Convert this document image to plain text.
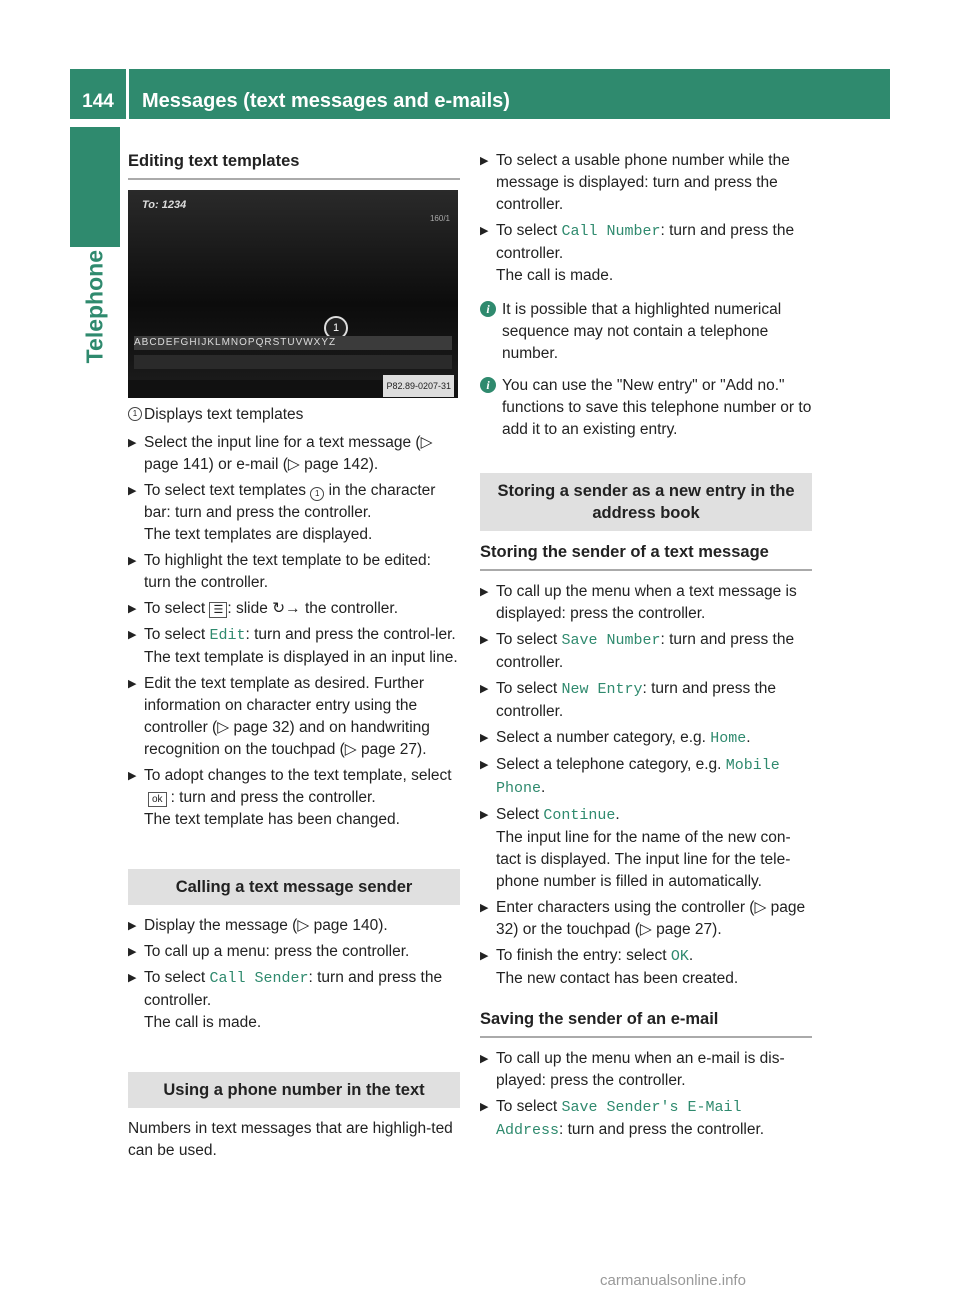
144	Messages (text messages and e-mails)
Telephone
Editing text templates
To: 1234
160/1
1
ABCDEFGHIJKLMNOPQRSTUVWXYZ
P82.89-0207-31
1 Displays text templates
▶ Select the input line for a text message (▷ page 141) or e-mail (▷ page 142).
▶ To select text templates 1 in the character bar: turn and press the controller.
The text templates are displayed.
▶ To highlight the text template to be edited: turn the controller.
▶ To select ☰ : slide ↻→ the controller.
▶ To select Edit: turn and press the control-ler.
The text template is displayed in an input line.
▶ Edit the text template as desired. Further information on character entry using the controller (▷ page 32) and on handwriting recognition on the touchpad (▷ page 27).
▶ To adopt changes to the text template, select ok : turn and press the controller.
The text template has been changed.
Calling a text message sender
▶ Display the message (▷ page 140).
▶ To call up a menu: press the controller.
▶ To select Call Sender: turn and press the controller.
The call is made.
Using a phone number in the text
Numbers in text messages that are highligh-ted can be used.
▶ To select a usable phone number while the message is displayed: turn and press the controller.
▶ To select Call Number: turn and press the controller.
The call is made.
i It is possible that a highlighted numerical sequence may not contain a telephone number.
i You can use the "New entry" or "Add no." functions to save this telephone number or to add it to an existing entry.
Storing a sender as a new entry in the address book
Storing the sender of a text message
▶ To call up the menu when a text message is displayed: press the controller.
▶ To select Save Number: turn and press the controller.
▶ To select New Entry: turn and press the controller.
▶ Select a number category, e.g. Home.
▶ Select a telephone category, e.g. Mobile Phone.
▶ Select Continue.
The input line for the name of the new con-tact is displayed. The input line for the tele-phone number is filled in automatically.
▶ Enter characters using the controller (▷ page 32) or the touchpad (▷ page 27).
▶ To finish the entry: select OK.
The new contact has been created.
Saving the sender of an e-mail
▶ To call up the menu when an e-mail is dis-played: press the controller.
▶ To select Save Sender's E-Mail Address: turn and press the controller.
carmanualsonline.info
